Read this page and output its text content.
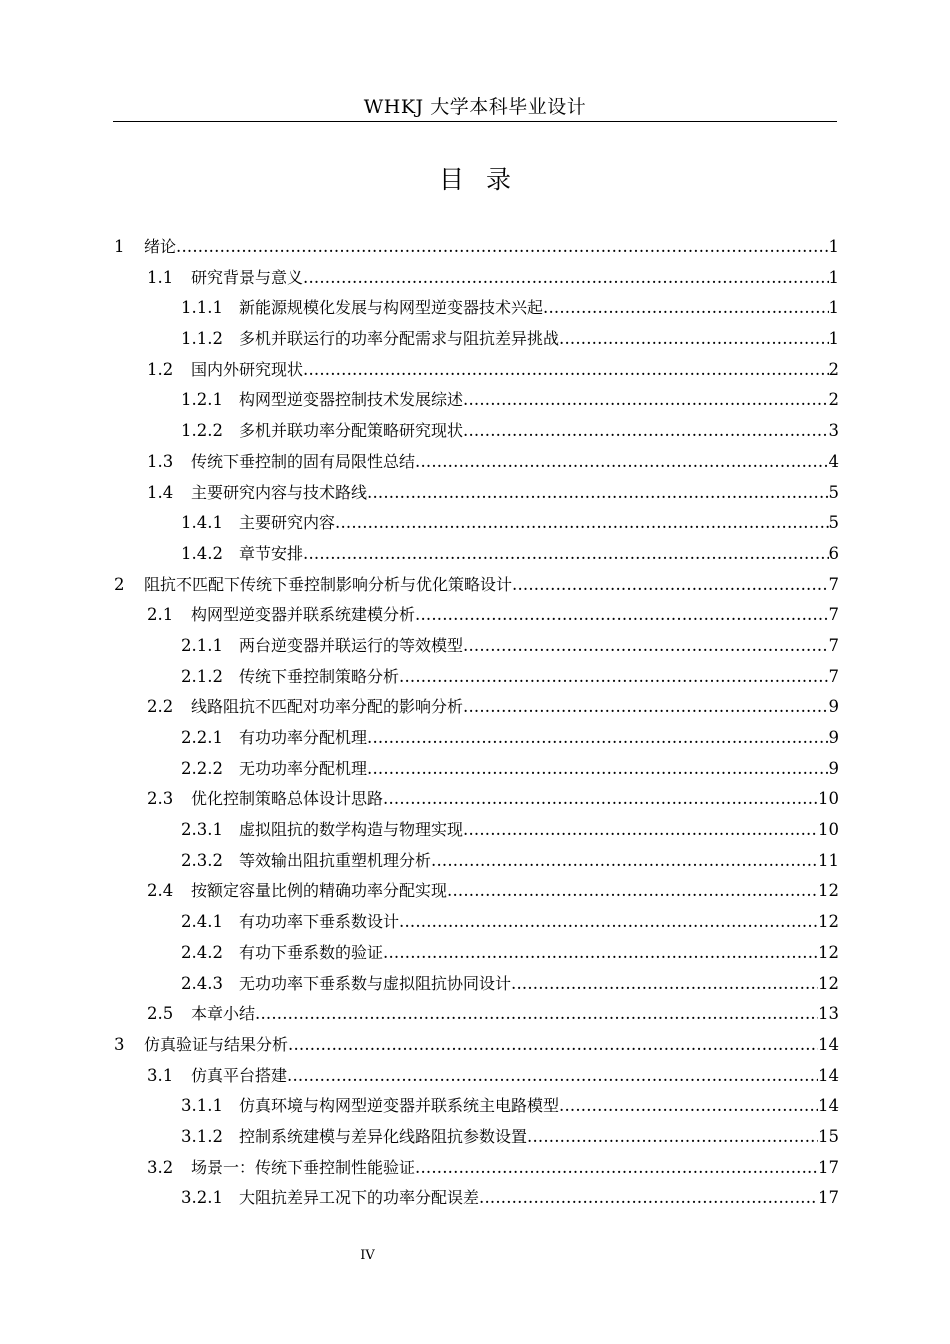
WHKJ 大学本科毕业设计
目录
1	绪论 .....	1
1.1	研究背景与意义 .....	1
1.1.1	新能源规模化发展与构网型逆变器技术兴起 .....	1
1.1.2	多机并联运行的功率分配需求与阻抗差异挑战 .....	1
1.2	国内外研究现状 .....	2
1.2.1	构网型逆变器控制技术发展综述 .....	2
1.2.2	多机并联功率分配策略研究现状 .....	3
1.3	传统下垂控制的固有局限性总结 .....	4
1.4	主要研究内容与技术路线 .....	5
1.4.1	主要研究内容 .....	5
1.4.2	章节安排 .....	6
2	阻抗不匹配下传统下垂控制影响分析与优化策略设计 .....	7
2.1	构网型逆变器并联系统建模分析 .....	7
2.1.1	两台逆变器并联运行的等效模型 .....	7
2.1.2	传统下垂控制策略分析 .....	7
2.2	线路阻抗不匹配对功率分配的影响分析 .....	9
2.2.1	有功功率分配机理 .....	9
2.2.2	无功功率分配机理 .....	9
2.3	优化控制策略总体设计思路 .....	10
2.3.1	虚拟阻抗的数学构造与物理实现 .....	10
2.3.2	等效输出阻抗重塑机理分析 .....	11
2.4	按额定容量比例的精确功率分配实现 .....	12
2.4.1	有功功率下垂系数设计 .....	12
2.4.2	有功下垂系数的验证 .....	12
2.4.3	无功功率下垂系数与虚拟阻抗协同设计 .....	12
2.5	本章小结 .....	13
3	仿真验证与结果分析 .....	14
3.1	仿真平台搭建 .....	14
3.1.1	仿真环境与构网型逆变器并联系统主电路模型 .....	14
3.1.2	控制系统建模与差异化线路阻抗参数设置 .....	15
3.2	场景一：传统下垂控制性能验证 .....	17
3.2.1	大阻抗差异工况下的功率分配误差 .....	17
IV
